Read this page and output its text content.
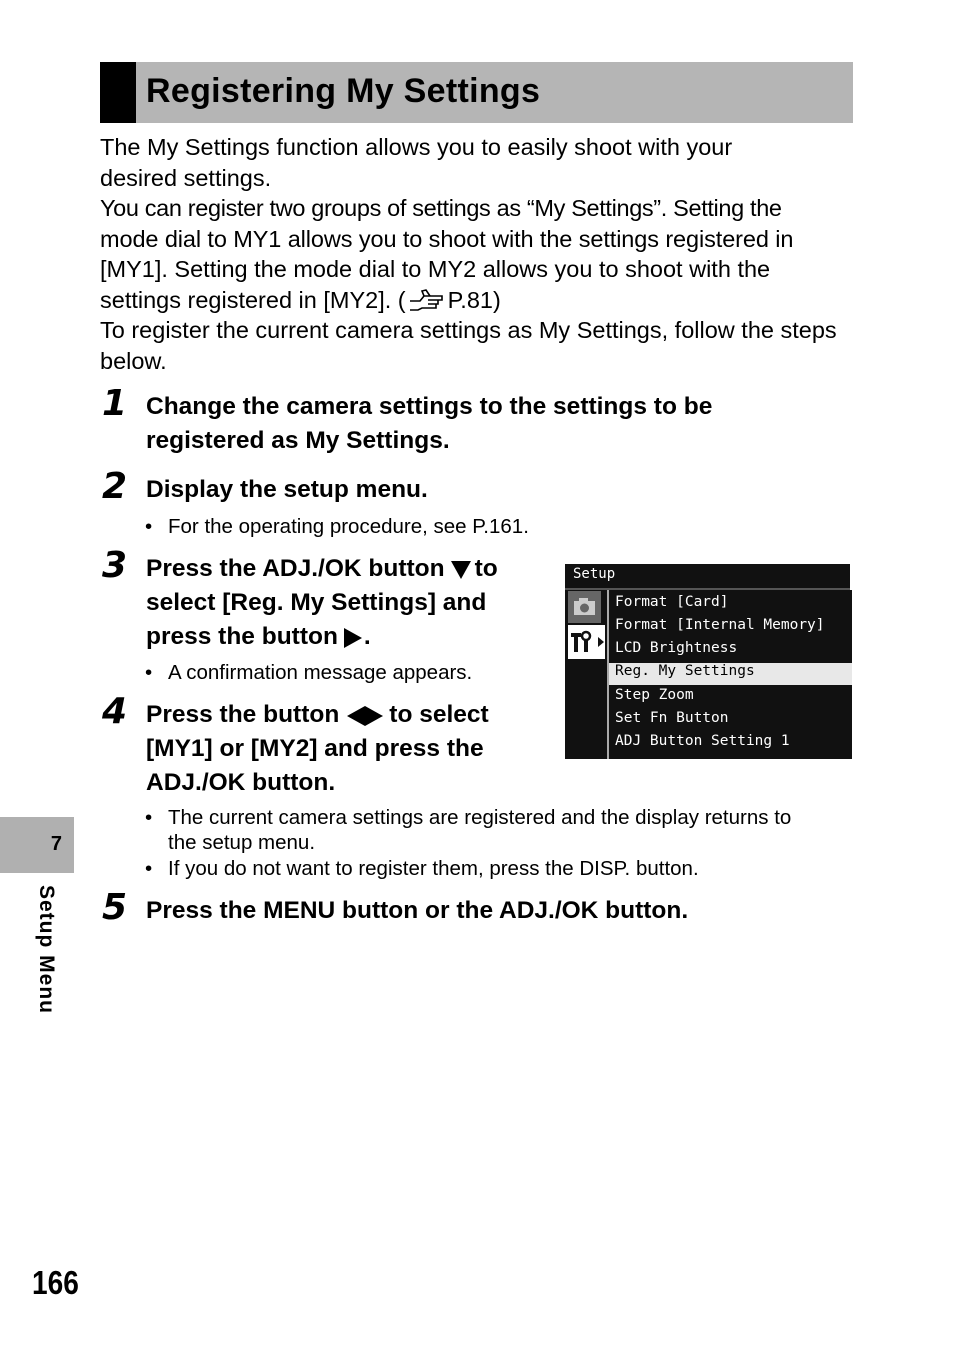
Registering My Settings

The My Settings function allows you to easily shoot with your desired settings.

You can register two groups of settings as “My Settings”. Setting the
mode dial to MY1 allows you to shoot with the settings registered in
[MY1]. Setting the mode dial to MY2 allows you to shoot with the
settings registered in [MY2]. ( P.81)

To register the current camera settings as My Settings, follow the steps below.

1 Change the camera settings to the settings to be
registered as My Settings.
2 Display the setup menu.
• For the operating procedure, see P.161.
3 Press the ADJ./OK button to
select [Reg. My Settings] and
press the button .
• A confirmation message appears.
4 Press the button to select
[MY1] or [MY2] and press the
ADJ./OK button.
• The current camera settings are registered and the display returns to
the setup menu.
• If you do not want to register them, press the DISP. button.
5 Press the MENU button or the ADJ./OK button.
Setup
Format [Card]
Format [Internal Memory]
LCD Brightness
Reg. My Settings
Step Zoom
Set Fn Button
ADJ Button Setting 1
7
Setup Menu
166
